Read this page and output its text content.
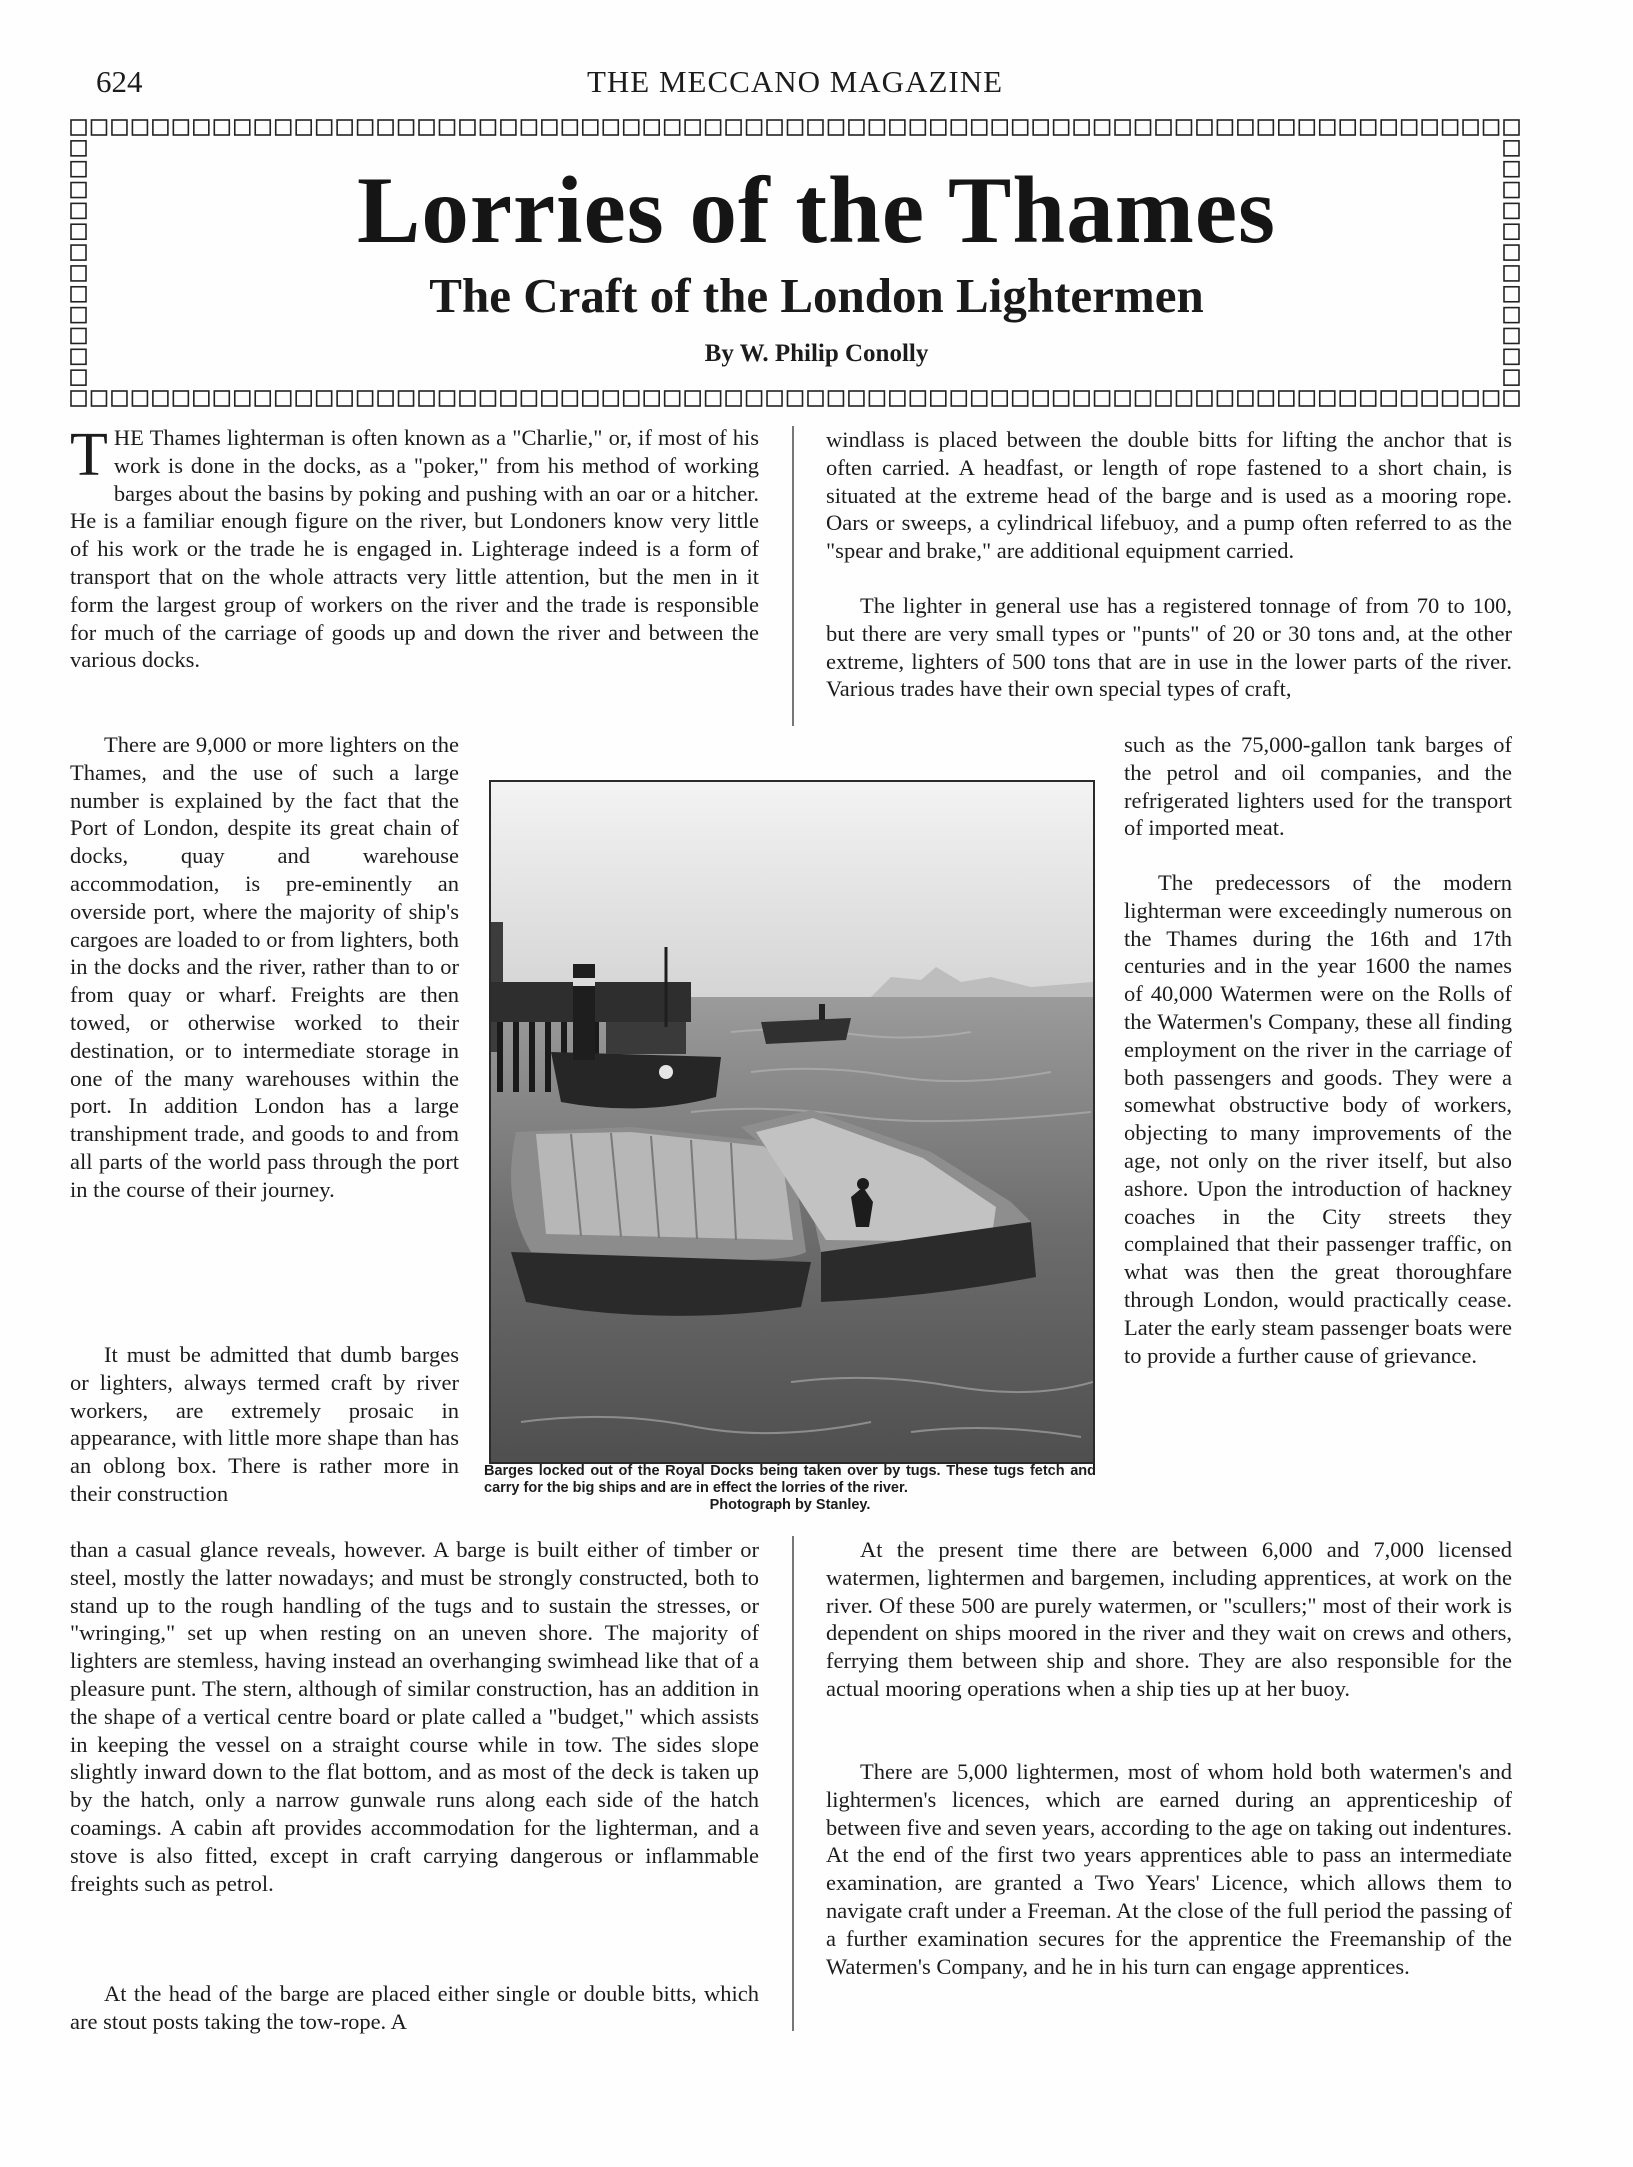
624	THE MECCANO MAGAZINE
Lorries of the Thames
The Craft of the London Lightermen
By W. Philip Conolly

THE Thames lighterman is often known as a "Charlie," or, if most of his work is done in the docks, as a "poker," from his method of working barges about the basins by poking and pushing with an oar or a hitcher. He is a familiar enough figure on the river, but Londoners know very little of his work or the trade he is engaged in. Lighterage indeed is a form of transport that on the whole attracts very little attention, but the men in it form the largest group of workers on the river and the trade is responsible for much of the carriage of goods up and down the river and between the various docks.

There are 9,000 or more lighters on the Thames, and the use of such a large number is explained by the fact that the Port of London, despite its great chain of docks, quay and warehouse accommodation, is pre-eminently an overside port, where the majority of ship's cargoes are loaded to or from lighters, both in the docks and the river, rather than to or from quay or wharf. Freights are then towed, or otherwise worked to their destination, or to intermediate storage in one of the many warehouses within the port. In addition London has a large transhipment trade, and goods to and from all parts of the world pass through the port in the course of their journey.

It must be admitted that dumb barges or lighters, always termed craft by river workers, are extremely prosaic in appearance, with little more shape than has an oblong box. There is rather more in their construction

than a casual glance reveals, however. A barge is built either of timber or steel, mostly the latter nowadays; and must be strongly constructed, both to stand up to the rough handling of the tugs and to sustain the stresses, or "wringing," set up when resting on an uneven shore. The majority of lighters are stemless, having instead an overhanging swimhead like that of a pleasure punt. The stern, although of similar construction, has an addition in the shape of a vertical centre board or plate called a "budget," which assists in keeping the vessel on a straight course while in tow. The sides slope slightly inward down to the flat bottom, and as most of the deck is taken up by the hatch, only a narrow gunwale runs along each side of the hatch coamings. A cabin aft provides accommodation for the lighterman, and a stove is also fitted, except in craft carrying dangerous or inflammable freights such as petrol.

At the head of the barge are placed either single or double bitts, which are stout posts taking the tow-rope. A

windlass is placed between the double bitts for lifting the anchor that is often carried. A headfast, or length of rope fastened to a short chain, is situated at the extreme head of the barge and is used as a mooring rope. Oars or sweeps, a cylindrical lifebuoy, and a pump often referred to as the "spear and brake," are additional equipment carried.

The lighter in general use has a registered tonnage of from 70 to 100, but there are very small types or "punts" of 20 or 30 tons and, at the other extreme, lighters of 500 tons that are in use in the lower parts of the river. Various trades have their own special types of craft,

such as the 75,000-gallon tank barges of the petrol and oil companies, and the refrigerated lighters used for the transport of imported meat.

The predecessors of the modern lighterman were exceedingly numerous on the Thames during the 16th and 17th centuries and in the year 1600 the names of 40,000 Watermen were on the Rolls of the Watermen's Company, these all finding employment on the river in the carriage of both passengers and goods. They were a somewhat obstructive body of workers, objecting to many improvements of the age, not only on the river itself, but also ashore. Upon the introduction of hackney coaches in the City streets they complained that their passenger traffic, on what was then the great thoroughfare through London, would practically cease. Later the early steam passenger boats were to provide a further cause of grievance.

At the present time there are between 6,000 and 7,000 licensed watermen, lightermen and bargemen, including apprentices, at work on the river. Of these 500 are purely watermen, or "scullers;" most of their work is dependent on ships moored in the river and they wait on crews and others, ferrying them between ship and shore. They are also responsible for the actual mooring operations when a ship ties up at her buoy.

There are 5,000 lightermen, most of whom hold both watermen's and lightermen's licences, which are earned during an apprenticeship of between five and seven years, according to the age on taking out indentures. At the end of the first two years apprentices able to pass an intermediate examination, are granted a Two Years' Licence, which allows them to navigate craft under a Freeman. At the close of the full period the passing of a further examination secures for the apprentice the Freemanship of the Watermen's Company, and he in his turn can engage apprentices.

Barges locked out of the Royal Docks being taken over by tugs. These tugs fetch and carry for the big ships and are in effect the lorries of the river.
Photograph by Stanley.
